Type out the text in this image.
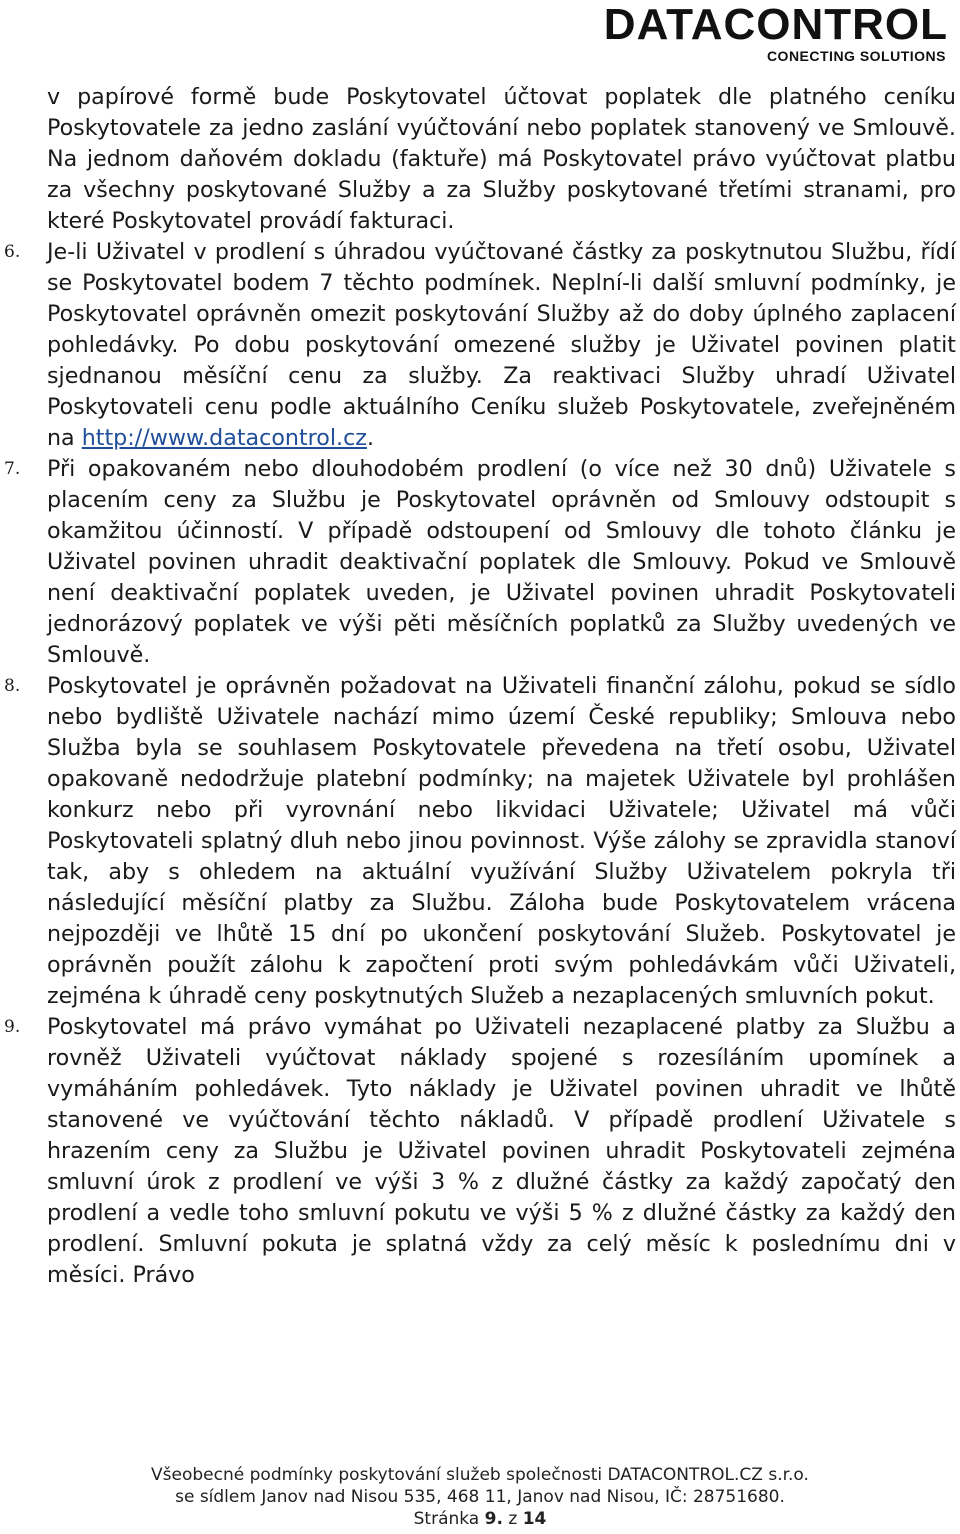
DATACONTROL
CONECTING SOLUTIONS

v papírové formě bude Poskytovatel účtovat poplatek dle platného ceníku Poskytovatele za jedno zaslání vyúčtování nebo poplatek stanovený ve Smlouvě. Na jednom daňovém dokladu (faktuře) má Poskytovatel právo vyúčtovat platbu za všechny poskytované Služby a za Služby poskytované třetími stranami, pro které Poskytovatel provádí fakturaci.

6.	Je-li Uživatel v prodlení s úhradou vyúčtované částky za poskytnutou Službu, řídí se Poskytovatel bodem 7 těchto podmínek. Neplní-li další smluvní podmínky, je Poskytovatel oprávněn omezit poskytování Služby až do doby úplného zaplacení pohledávky. Po dobu poskytování omezené služby je Uživatel povinen platit sjednanou měsíční cenu za služby. Za reaktivaci Služby uhradí Uživatel Poskytovateli cenu podle aktuálního Ceníku služeb Poskytovatele, zveřejněném na http://www.datacontrol.cz.

7.	Při opakovaném nebo dlouhodobém prodlení (o více než 30 dnů) Uživatele s placením ceny za Službu je Poskytovatel oprávněn od Smlouvy odstoupit s okamžitou účinností. V případě odstoupení od Smlouvy dle tohoto článku je Uživatel povinen uhradit deaktivační poplatek dle Smlouvy. Pokud ve Smlouvě není deaktivační poplatek uveden, je Uživatel povinen uhradit Poskytovateli jednorázový poplatek ve výši pěti měsíčních poplatků za Služby uvedených ve Smlouvě.

8.	Poskytovatel je oprávněn požadovat na Uživateli finanční zálohu, pokud se sídlo nebo bydliště Uživatele nachází mimo území České republiky; Smlouva nebo Služba byla se souhlasem Poskytovatele převedena na třetí osobu, Uživatel opakovaně nedodržuje platební podmínky; na majetek Uživatele byl prohlášen konkurz nebo při vyrovnání nebo likvidaci Uživatele; Uživatel má vůči Poskytovateli splatný dluh nebo jinou povinnost. Výše zálohy se zpravidla stanoví tak, aby s ohledem na aktuální využívání Služby Uživatelem pokryla tři následující měsíční platby za Službu. Záloha bude Poskytovatelem vrácena nejpozději ve lhůtě 15 dní po ukončení poskytování Služeb. Poskytovatel je oprávněn použít zálohu k započtení proti svým pohledávkám vůči Uživateli, zejména k úhradě ceny poskytnutých Služeb a nezaplacených smluvních pokut.

9.	Poskytovatel má právo vymáhat po Uživateli nezaplacené platby za Službu a rovněž Uživateli vyúčtovat náklady spojené s rozesíláním upomínek a vymáháním pohledávek. Tyto náklady je Uživatel povinen uhradit ve lhůtě stanovené ve vyúčtování těchto nákladů. V případě prodlení Uživatele s hrazením ceny za Službu je Uživatel povinen uhradit Poskytovateli zejména smluvní úrok z prodlení ve výši 3 % z dlužné částky za každý započatý den prodlení a vedle toho smluvní pokutu ve výši 5 % z dlužné částky za každý den prodlení. Smluvní pokuta je splatná vždy za celý měsíc k poslednímu dni v měsíci. Právo

Všeobecné podmínky poskytování služeb společnosti DATACONTROL.CZ s.r.o.
se sídlem Janov nad Nisou 535, 468 11, Janov nad Nisou, IČ: 28751680.
Stránka 9. z 14
